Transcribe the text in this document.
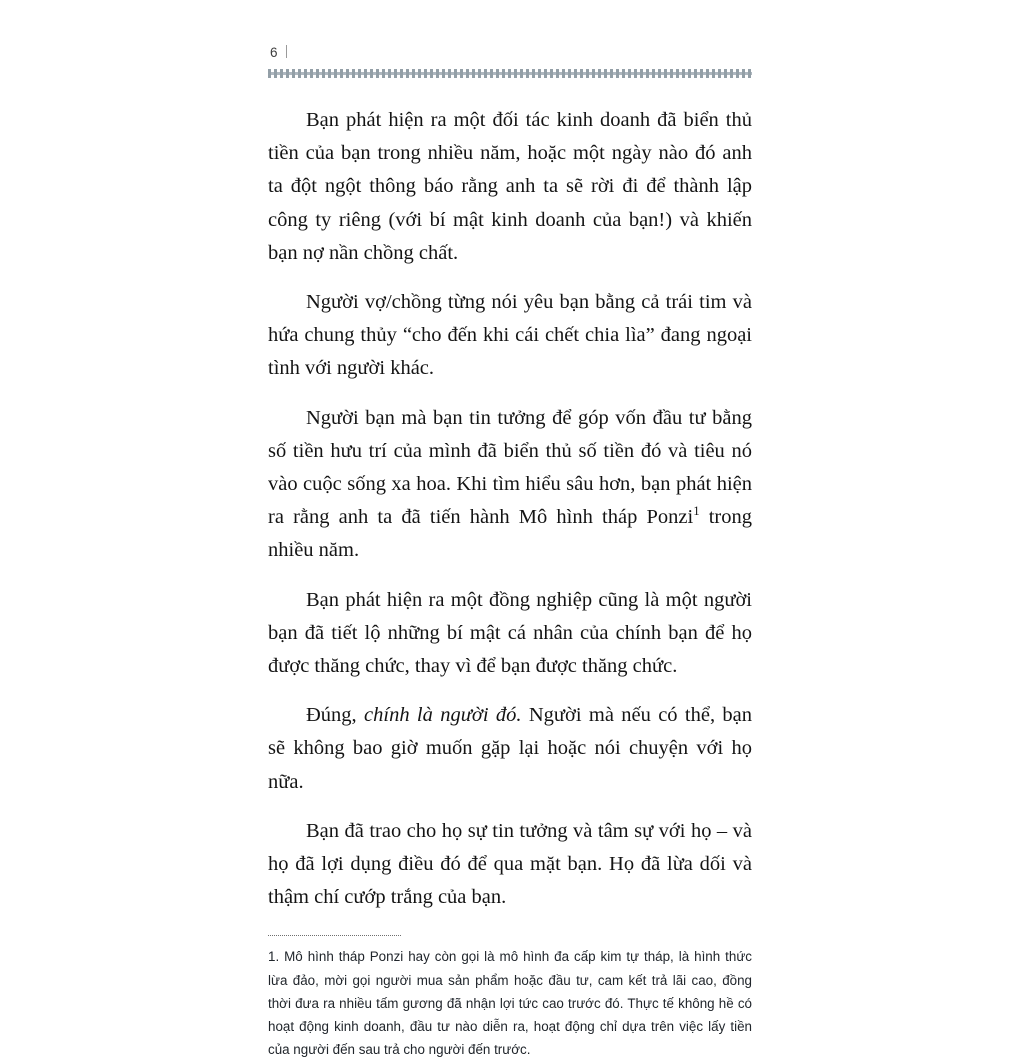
6

Bạn phát hiện ra một đối tác kinh doanh đã biển thủ tiền của bạn trong nhiều năm, hoặc một ngày nào đó anh ta đột ngột thông báo rằng anh ta sẽ rời đi để thành lập công ty riêng (với bí mật kinh doanh của bạn!) và khiến bạn nợ nần chồng chất.

Người vợ/chồng từng nói yêu bạn bằng cả trái tim và hứa chung thủy “cho đến khi cái chết chia lìa” đang ngoại tình với người khác.

Người bạn mà bạn tin tưởng để góp vốn đầu tư bằng số tiền hưu trí của mình đã biển thủ số tiền đó và tiêu nó vào cuộc sống xa hoa. Khi tìm hiểu sâu hơn, bạn phát hiện ra rằng anh ta đã tiến hành Mô hình tháp Ponzi$^1$ trong nhiều năm.

Bạn phát hiện ra một đồng nghiệp cũng là một người bạn đã tiết lộ những bí mật cá nhân của chính bạn để họ được thăng chức, thay vì để bạn được thăng chức.

Đúng, chính là người đó. Người mà nếu có thể, bạn sẽ không bao giờ muốn gặp lại hoặc nói chuyện với họ nữa.

Bạn đã trao cho họ sự tin tưởng và tâm sự với họ – và họ đã lợi dụng điều đó để qua mặt bạn. Họ đã lừa dối và thậm chí cướp trắng của bạn.

1. Mô hình tháp Ponzi hay còn gọi là mô hình đa cấp kim tự tháp, là hình thức lừa đảo, mời gọi người mua sản phẩm hoặc đầu tư, cam kết trả lãi cao, đồng thời đưa ra nhiều tấm gương đã nhận lợi tức cao trước đó. Thực tế không hề có hoạt động kinh doanh, đầu tư nào diễn ra, hoạt động chỉ dựa trên việc lấy tiền của người đến sau trả cho người đến trước.
